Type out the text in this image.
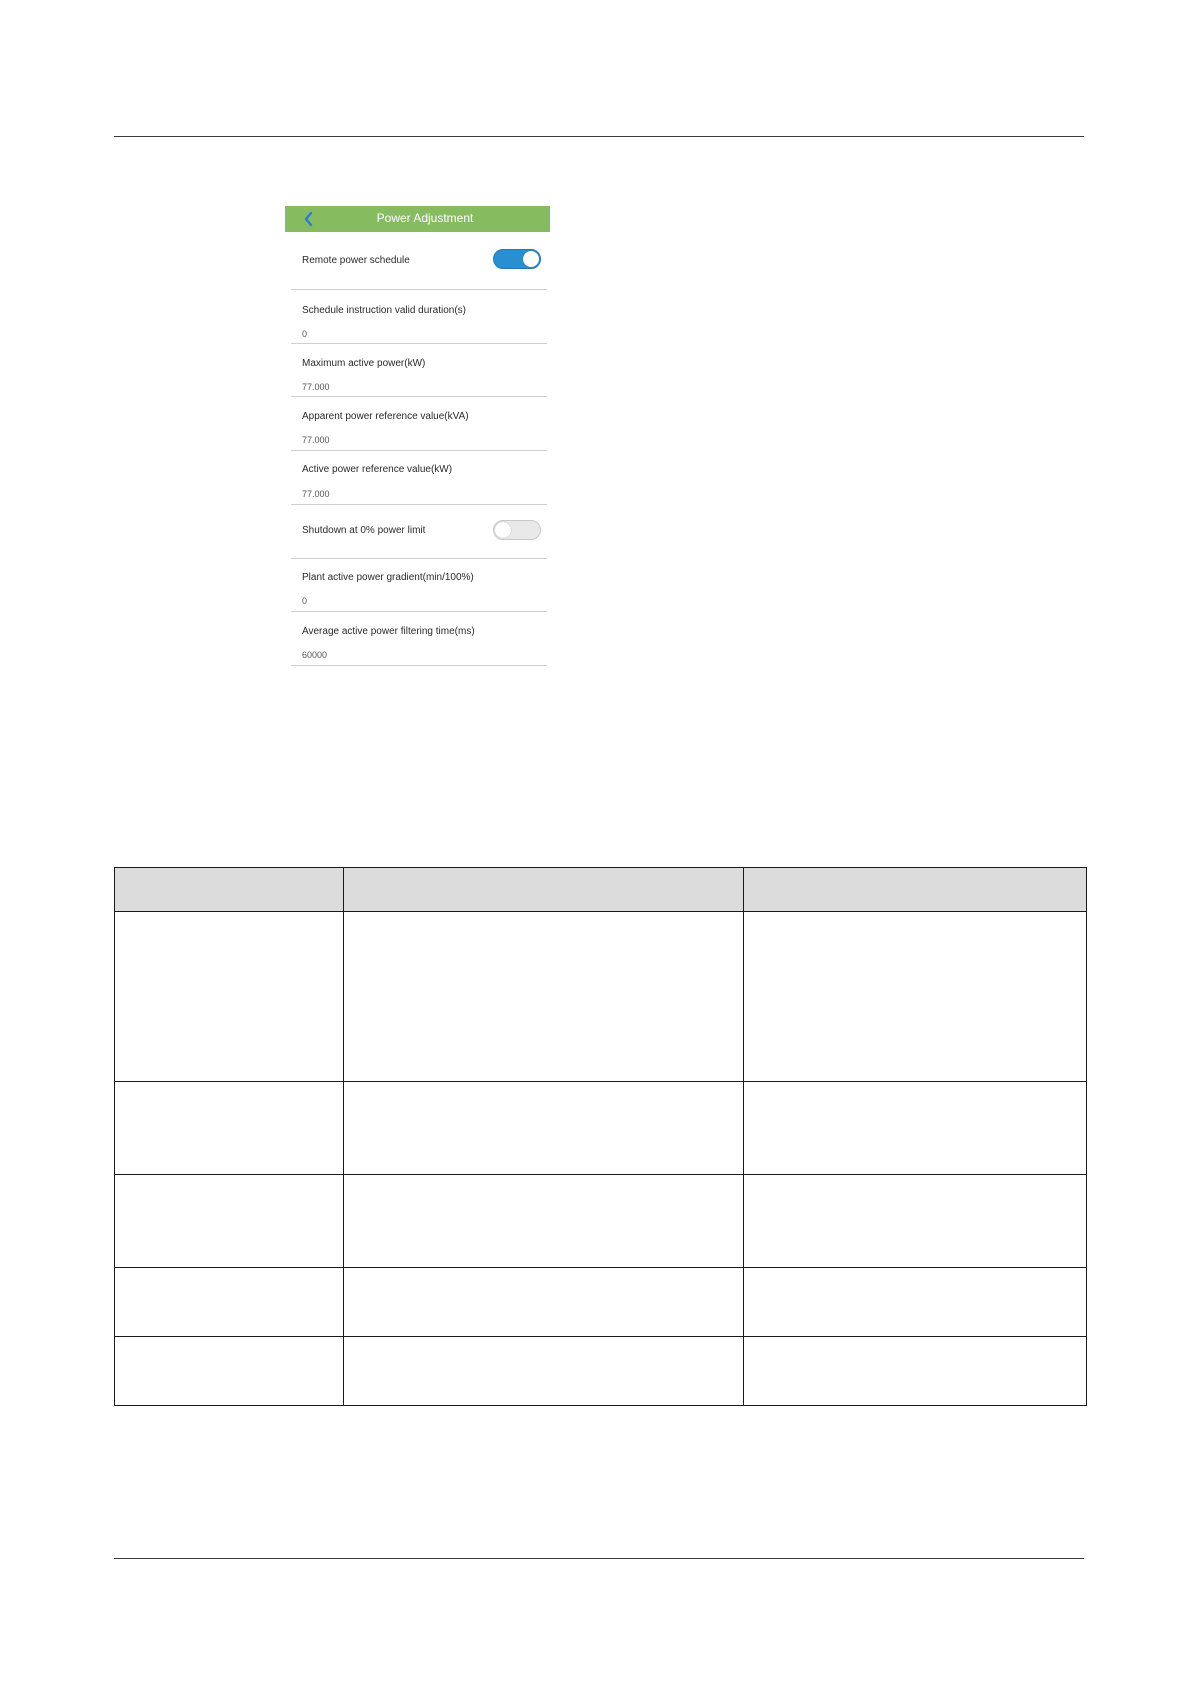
Power Adjustment
Remote power schedule
Schedule instruction valid duration(s)
0
Maximum active power(kW)
77.000
Apparent power reference value(kVA)
77.000
Active power reference value(kW)
77.000
Shutdown at 0% power limit
Plant active power gradient(min/100%)
0
Average active power filtering time(ms)
60000
